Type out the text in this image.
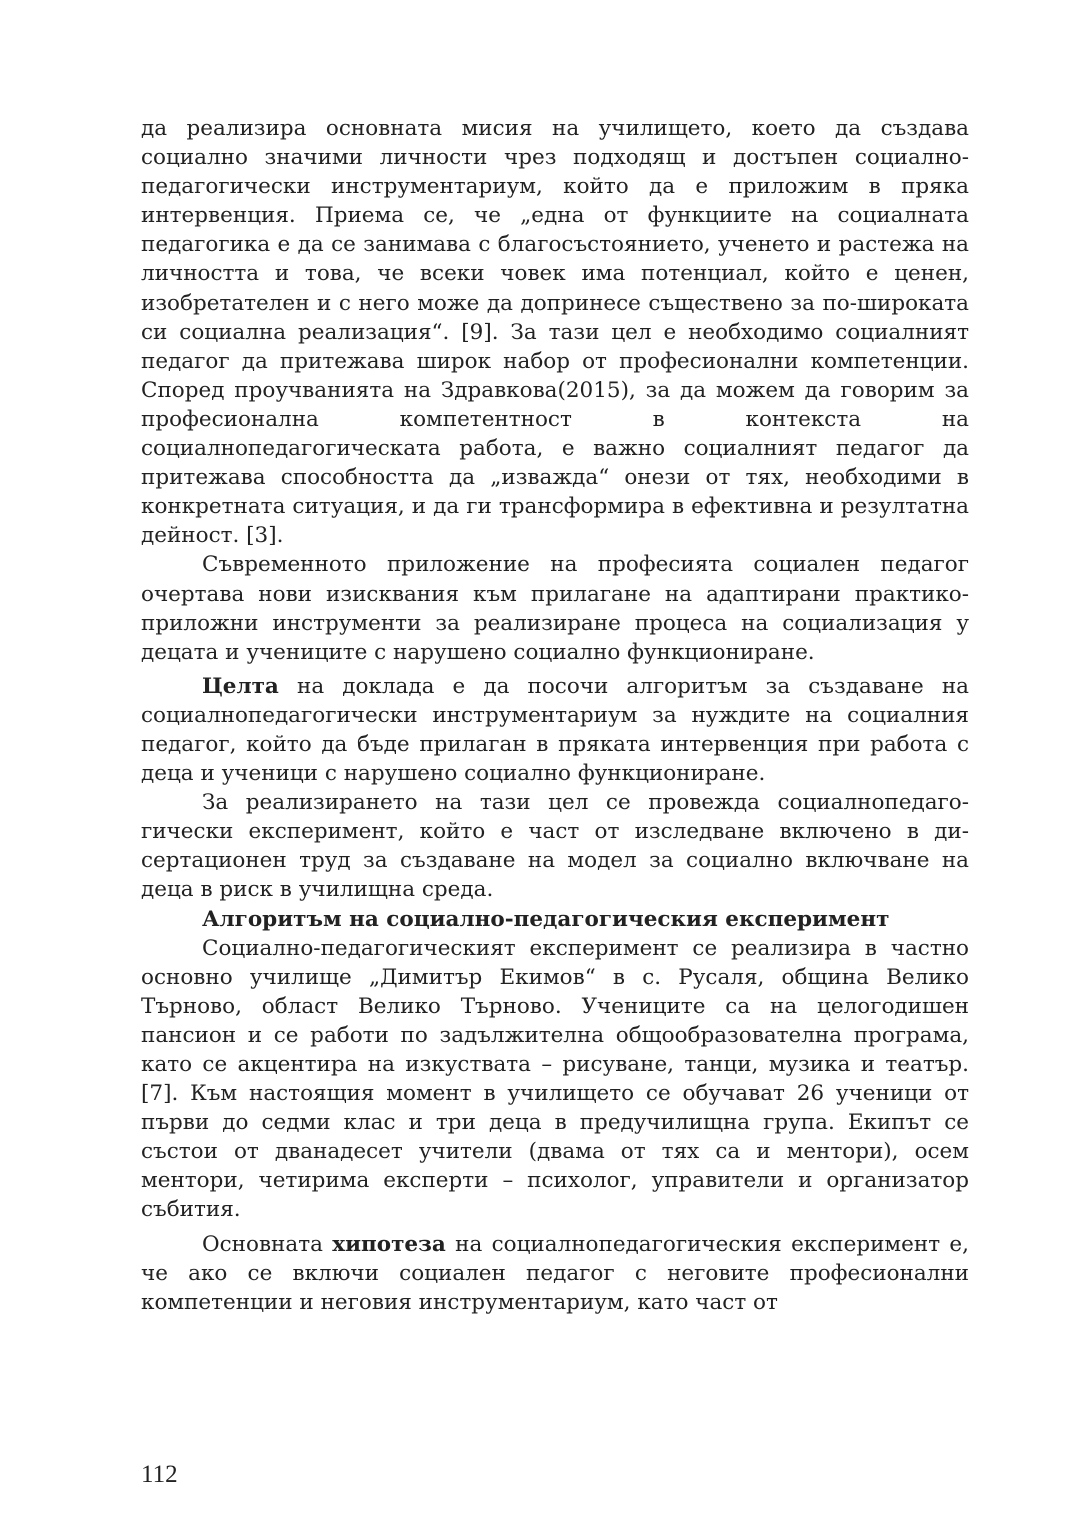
да реализира основната мисия на училището, което да създава социално значими личности чрез подходящ и достъпен социалнопедагогически инструментариум, който да е приложим в пряка интервенция. Приема се, че „една от функциите на социалната педагогика е да се занимава с благосъстоянието, ученето и растежа на личността и това, че всеки човек има потенциал, който е ценен, изобретателен и с него може да допринесе съществено за по-широката си социална реализация“. [9]. За тази цел е необходимо социалният педагог да притежава широк набор от професионални компетенции. Според проучванията на Здравкова(2015), за да можем да говорим за професионална компетентност в контекста на социалнопедагогическата работа, е важно социалният педагог да притежава способността да „изважда“ онези от тях, необходими в конкретната ситуация, и да ги трансформира в ефективна и резултатна дейност. [3].

Съвременното приложение на професията социален педагог очертава нови изисквания към прилагане на адаптирани практико-приложни инструменти за реализиране процеса на социализация у децата и учениците с нарушено социално функциониране.

Целта на доклада е да посочи алгоритъм за създаване на социалнопедагогически инструментариум за нуждите на социалния педагог, който да бъде прилаган в пряката интервенция при работа с деца и ученици с нарушено социално функциониране.

За реализирането на тази цел се провежда социалнопедагогически експеримент, който е част от изследване включено в дисертационен труд за създаване на модел за социално включване на деца в риск в училищна среда.

Алгоритъм на социално-педагогическия експеримент

Социално-педагогическият експеримент се реализира в частно основно училище „Димитър Екимов“ в с. Русаля, община Велико Търново, област Велико Търново. Учениците са на целогодишен пансион и се работи по задължителна общообразователна програма, като се акцентира на изкуствата – рисуване, танци, музика и театър. [7]. Към настоящия момент в училището се обучават 26 ученици от първи до седми клас и три деца в предучилищна група. Екипът се състои от дванадесет учители (двама от тях са и ментори), осем ментори, четирима експерти – психолог, управители и организатор събития.

Основната хипотеза на социалнопедагогическия експеримент е, че ако се включи социален педагог с неговите професионални компетенции и неговия инструментариум, като част от

112
